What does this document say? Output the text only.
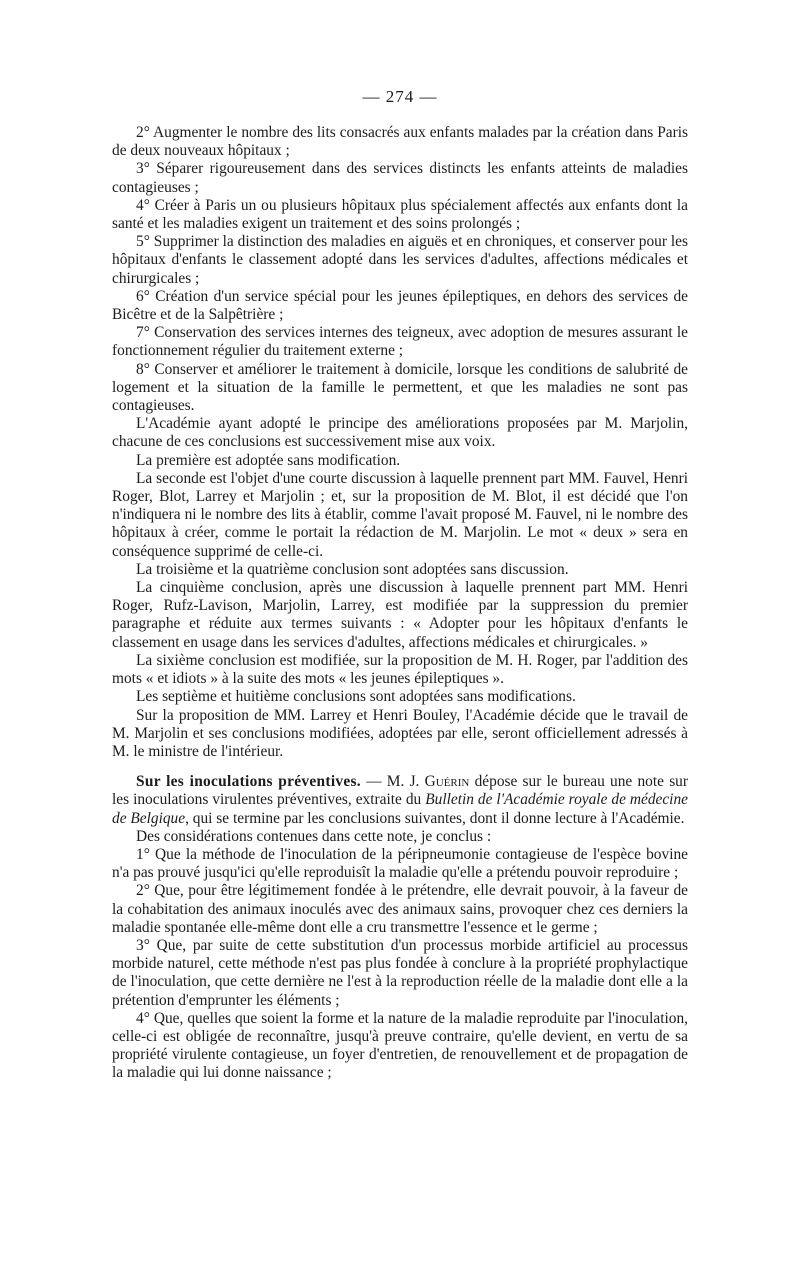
— 274 —

2° Augmenter le nombre des lits consacrés aux enfants malades par la création dans Paris de deux nouveaux hôpitaux ;

3° Séparer rigoureusement dans des services distincts les enfants atteints de maladies contagieuses ;

4° Créer à Paris un ou plusieurs hôpitaux plus spécialement affectés aux enfants dont la santé et les maladies exigent un traitement et des soins prolongés ;

5° Supprimer la distinction des maladies en aiguës et en chroniques, et conserver pour les hôpitaux d'enfants le classement adopté dans les services d'adultes, affections médicales et chirurgicales ;

6° Création d'un service spécial pour les jeunes épileptiques, en dehors des services de Bicêtre et de la Salpêtrière ;

7° Conservation des services internes des teigneux, avec adoption de mesures assurant le fonctionnement régulier du traitement externe ;

8° Conserver et améliorer le traitement à domicile, lorsque les conditions de salubrité de logement et la situation de la famille le permettent, et que les maladies ne sont pas contagieuses.

L'Académie ayant adopté le principe des améliorations proposées par M. Marjolin, chacune de ces conclusions est successivement mise aux voix.

La première est adoptée sans modification.

La seconde est l'objet d'une courte discussion à laquelle prennent part MM. Fauvel, Henri Roger, Blot, Larrey et Marjolin ; et, sur la proposition de M. Blot, il est décidé que l'on n'indiquera ni le nombre des lits à établir, comme l'avait proposé M. Fauvel, ni le nombre des hôpitaux à créer, comme le portait la rédaction de M. Marjolin. Le mot « deux » sera en conséquence supprimé de celle-ci.

La troisième et la quatrième conclusion sont adoptées sans discussion.

La cinquième conclusion, après une discussion à laquelle prennent part MM. Henri Roger, Rufz-Lavison, Marjolin, Larrey, est modifiée par la suppression du premier paragraphe et réduite aux termes suivants : « Adopter pour les hôpitaux d'enfants le classement en usage dans les services d'adultes, affections médicales et chirurgicales. »

La sixième conclusion est modifiée, sur la proposition de M. H. Roger, par l'addition des mots « et idiots » à la suite des mots « les jeunes épileptiques ».

Les septième et huitième conclusions sont adoptées sans modifications.

Sur la proposition de MM. Larrey et Henri Bouley, l'Académie décide que le travail de M. Marjolin et ses conclusions modifiées, adoptées par elle, seront officiellement adressés à M. le ministre de l'intérieur.

Sur les inoculations préventives. — M. J. Guérin dépose sur le bureau une note sur les inoculations virulentes préventives, extraite du Bulletin de l'Académie royale de médecine de Belgique, qui se termine par les conclusions suivantes, dont il donne lecture à l'Académie.

Des considérations contenues dans cette note, je conclus :

1° Que la méthode de l'inoculation de la péripneumonie contagieuse de l'espèce bovine n'a pas prouvé jusqu'ici qu'elle reproduisît la maladie qu'elle a prétendu pouvoir reproduire ;

2° Que, pour être légitimement fondée à le prétendre, elle devrait pouvoir, à la faveur de la cohabitation des animaux inoculés avec des animaux sains, provoquer chez ces derniers la maladie spontanée elle-même dont elle a cru transmettre l'essence et le germe ;

3° Que, par suite de cette substitution d'un processus morbide artificiel au processus morbide naturel, cette méthode n'est pas plus fondée à conclure à la propriété prophylactique de l'inoculation, que cette dernière ne l'est à la reproduction réelle de la maladie dont elle a la prétention d'emprunter les éléments ;

4° Que, quelles que soient la forme et la nature de la maladie reproduite par l'inoculation, celle-ci est obligée de reconnaître, jusqu'à preuve contraire, qu'elle devient, en vertu de sa propriété virulente contagieuse, un foyer d'entretien, de renouvellement et de propagation de la maladie qui lui donne naissance ;
